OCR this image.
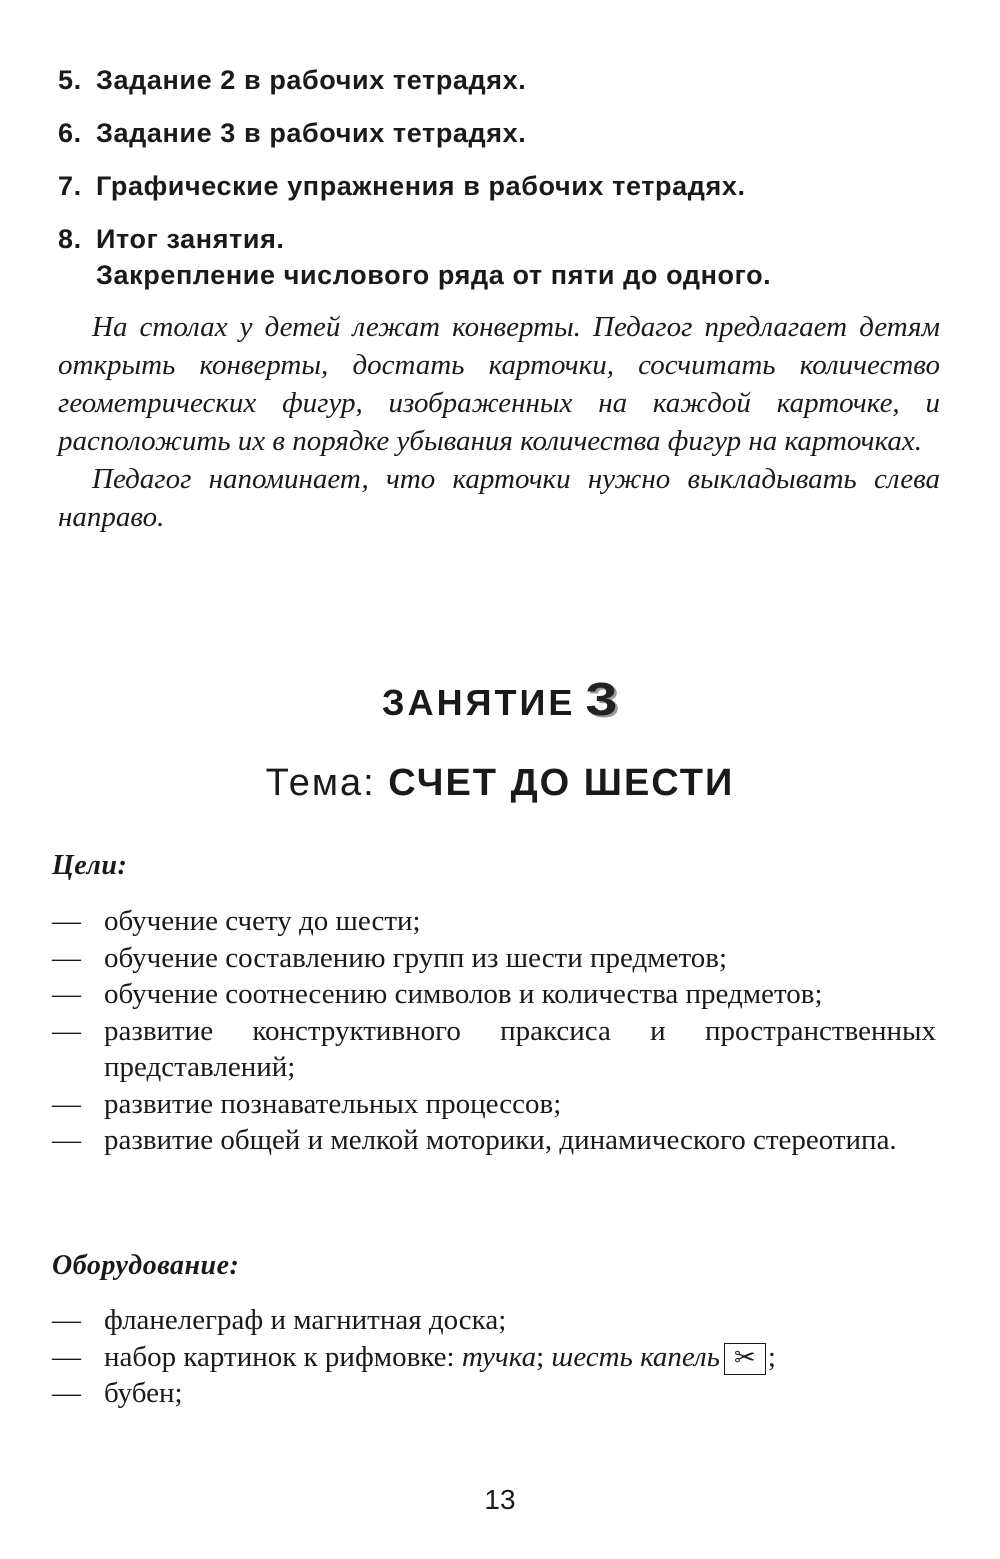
5. Задание 2 в рабочих тетрадях.
6. Задание 3 в рабочих тетрадях.
7. Графические упражнения в рабочих тетрадях.
8. Итог занятия.
Закрепление числового ряда от пяти до одного.

На столах у детей лежат конверты. Педагог предлагает детям открыть конверты, достать карточки, сосчитать количество геометрических фигур, изображенных на каждой карточке, и расположить их в порядке убывания количества фигур на карточках.

Педагог напоминает, что карточки нужно выкладывать слева направо.

ЗАНЯТИЕ 3
Тема: СЧЕТ ДО ШЕСТИ
Цели:
— обучение счету до шести;
— обучение составлению групп из шести предметов;
— обучение соотнесению символов и количества предметов;
— развитие конструктивного праксиса и пространственных представлений;
— развитие познавательных процессов;
— развитие общей и мелкой моторики, динамического стереотипа.
Оборудование:
— фланелеграф и магнитная доска;
— набор картинок к рифмовке: тучка; шесть капель ✂ ;
— бубен;
13
